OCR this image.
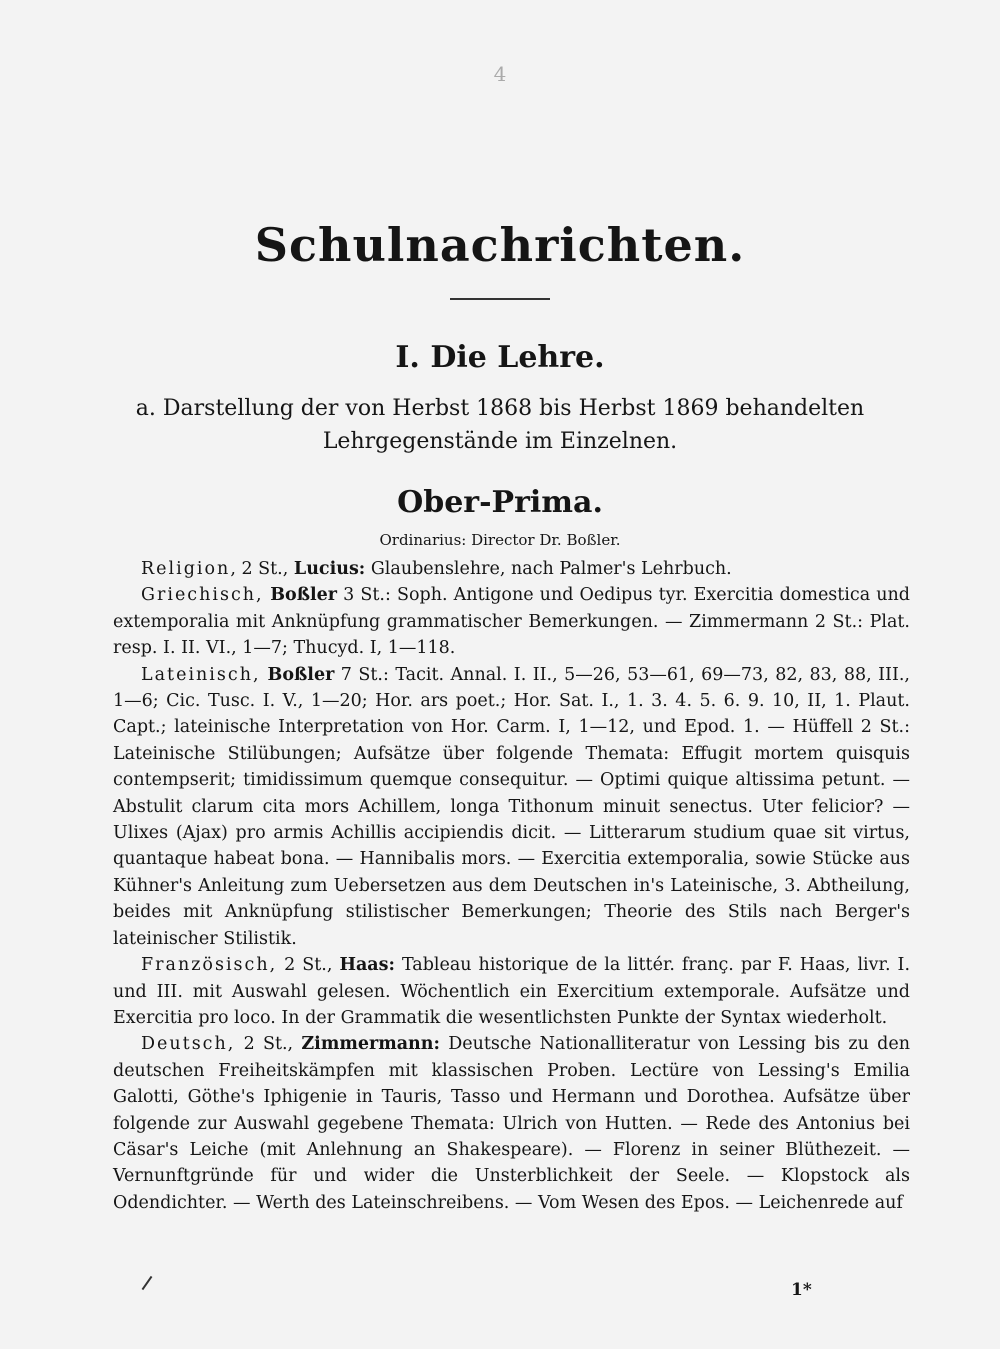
4
Schulnachrichten.
I. Die Lehre.
a. Darstellung der von Herbst 1868 bis Herbst 1869 behandelten Lehrgegenstände im Einzelnen.
Ober-Prima.
Ordinarius: Director Dr. Boßler.

Religion, 2 St., Lucius: Glaubenslehre, nach Palmer's Lehrbuch.

Griechisch, Boßler 3 St.: Soph. Antigone und Oedipus tyr. Exercitia domestica und extemporalia mit Anknüpfung grammatischer Bemerkungen. — Zimmermann 2 St.: Plat. resp. I. II. VI., 1—7; Thucyd. I, 1—118.

Lateinisch, Boßler 7 St.: Tacit. Annal. I. II., 5—26, 53—61, 69—73, 82, 83, 88, III., 1—6; Cic. Tusc. I. V., 1—20; Hor. ars poet.; Hor. Sat. I., 1. 3. 4. 5. 6. 9. 10, II, 1. Plaut. Capt.; lateinische Interpretation von Hor. Carm. I, 1—12, und Epod. 1. — Hüffell 2 St.: Lateinische Stilübungen; Aufsätze über folgende Themata: Effugit mortem quisquis contempserit; timidissimum quemque consequitur. — Optimi quique altissima petunt. — Abstulit clarum cita mors Achillem, longa Tithonum minuit senectus. Uter felicior? — Ulixes (Ajax) pro armis Achillis accipiendis dicit. — Litterarum studium quae sit virtus, quantaque habeat bona. — Hannibalis mors. — Exercitia extemporalia, sowie Stücke aus Kühner's Anleitung zum Uebersetzen aus dem Deutschen in's Lateinische, 3. Abtheilung, beides mit Anknüpfung stilistischer Bemerkungen; Theorie des Stils nach Berger's lateinischer Stilistik.

Französisch, 2 St., Haas: Tableau historique de la littér. franç. par F. Haas, livr. I. und III. mit Auswahl gelesen. Wöchentlich ein Exercitium extemporale. Aufsätze und Exercitia pro loco. In der Grammatik die wesentlichsten Punkte der Syntax wiederholt.

Deutsch, 2 St., Zimmermann: Deutsche Nationalliteratur von Lessing bis zu den deutschen Freiheitskämpfen mit klassischen Proben. Lectüre von Lessing's Emilia Galotti, Göthe's Iphigenie in Tauris, Tasso und Hermann und Dorothea. Aufsätze über folgende zur Auswahl gegebene Themata: Ulrich von Hutten. — Rede des Antonius bei Cäsar's Leiche (mit Anlehnung an Shakespeare). — Florenz in seiner Blüthezeit. — Vernunftgründe für und wider die Unsterblichkeit der Seele. — Klopstock als Odendichter. — Werth des Lateinschreibens. — Vom Wesen des Epos. — Leichenrede auf

1*
